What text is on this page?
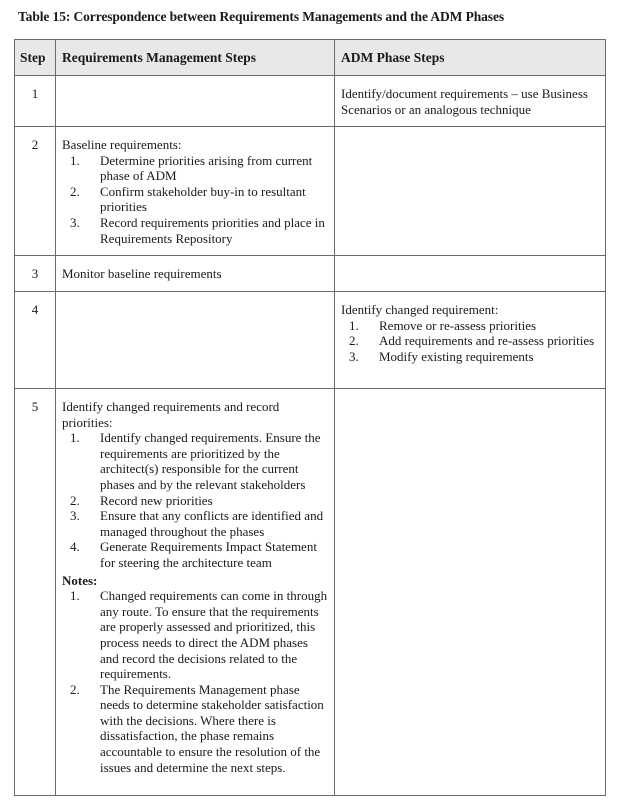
Table 15: Correspondence between Requirements Managements and the ADM Phases
Step	Requirements Management Steps	ADM Phase Steps
1		Identify/document requirements – use Business Scenarios or an analogous technique

2	Baseline requirements:
1.	Determine priorities arising from current phase of ADM
2.	Confirm stakeholder buy-in to resultant priorities
3.	Record requirements priorities and place in Requirements Repository

3	Monitor baseline requirements	

4		Identify changed requirement:
1.	Remove or re-assess priorities
2.	Add requirements and re-assess priorities
3.	Modify existing requirements

5	Identify changed requirements and record priorities:
1.	Identify changed requirements. Ensure the requirements are prioritized by the architect(s) responsible for the current phases and by the relevant stakeholders
2.	Record new priorities
3.	Ensure that any conflicts are identified and managed throughout the phases
4.	Generate Requirements Impact Statement for steering the architecture team
Notes:
1.	Changed requirements can come in through any route. To ensure that the requirements are properly assessed and prioritized, this process needs to direct the ADM phases and record the decisions related to the requirements.
2.	The Requirements Management phase needs to determine stakeholder satisfaction with the decisions. Where there is dissatisfaction, the phase remains accountable to ensure the resolution of the issues and determine the next steps.
